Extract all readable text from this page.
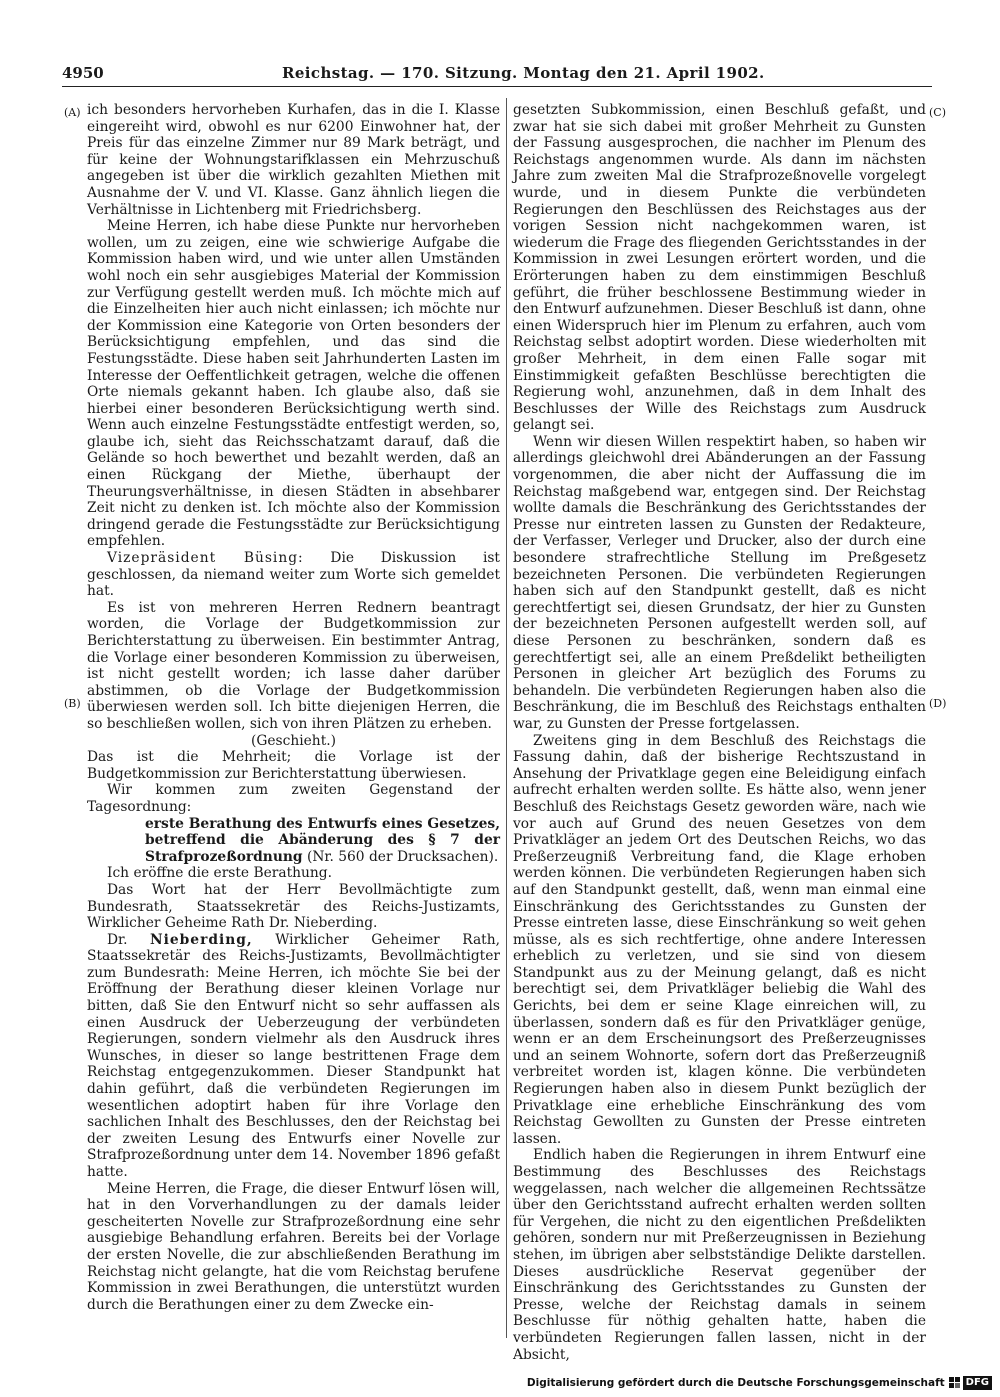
4950	Reichstag. — 170. Sitzung. Montag den 21. April 1902.
(A)
(B)
(C)
(D)

ich besonders hervorheben Kurhafen, das in die I. Klasse eingereiht wird, obwohl es nur 6200 Einwohner hat, der Preis für das einzelne Zimmer nur 89 Mark beträgt, und für keine der Wohnungstarifklassen ein Mehrzuschuß angegeben ist über die wirklich gezahlten Miethen mit Ausnahme der V. und VI. Klasse. Ganz ähnlich liegen die Verhältnisse in Lichtenberg mit Friedrichsberg.

Meine Herren, ich habe diese Punkte nur hervorheben wollen, um zu zeigen, eine wie schwierige Aufgabe die Kommission haben wird, und wie unter allen Umständen wohl noch ein sehr ausgiebiges Material der Kommission zur Verfügung gestellt werden muß. Ich möchte mich auf die Einzelheiten hier auch nicht einlassen; ich möchte nur der Kommission eine Kategorie von Orten besonders der Berücksichtigung empfehlen, und das sind die Festungsstädte. Diese haben seit Jahrhunderten Lasten im Interesse der Oeffentlichkeit getragen, welche die offenen Orte niemals gekannt haben. Ich glaube also, daß sie hierbei einer besonderen Berücksichtigung werth sind. Wenn auch einzelne Festungsstädte entfestigt werden, so, glaube ich, sieht das Reichsschatzamt darauf, daß die Gelände so hoch bewerthet und bezahlt werden, daß an einen Rückgang der Miethe, überhaupt der Theurungsverhältnisse, in diesen Städten in absehbarer Zeit nicht zu denken ist. Ich möchte also der Kommission dringend gerade die Festungsstädte zur Berücksichtigung empfehlen.

Vizepräsident Büsing: Die Diskussion ist geschlossen, da niemand weiter zum Worte sich gemeldet hat.

Es ist von mehreren Herren Rednern beantragt worden, die Vorlage der Budgetkommission zur Berichterstattung zu überweisen. Ein bestimmter Antrag, die Vorlage einer besonderen Kommission zu überweisen, ist nicht gestellt worden; ich lasse daher darüber abstimmen, ob die Vorlage der Budgetkommission überwiesen werden soll. Ich bitte diejenigen Herren, die so beschließen wollen, sich von ihren Plätzen zu erheben.

(Geschieht.)

Das ist die Mehrheit; die Vorlage ist der Budgetkommission zur Berichterstattung überwiesen.

Wir kommen zum zweiten Gegenstand der Tagesordnung:

erste Berathung des Entwurfs eines Gesetzes, betreffend die Abänderung des § 7 der Strafprozeßordnung (Nr. 560 der Drucksachen).

Ich eröffne die erste Berathung.

Das Wort hat der Herr Bevollmächtigte zum Bundesrath, Staatssekretär des Reichs-Justizamts, Wirklicher Geheime Rath Dr. Nieberding.

Dr. Nieberding, Wirklicher Geheimer Rath, Staatssekretär des Reichs-Justizamts, Bevollmächtigter zum Bundesrath: Meine Herren, ich möchte Sie bei der Eröffnung der Berathung dieser kleinen Vorlage nur bitten, daß Sie den Entwurf nicht so sehr auffassen als einen Ausdruck der Ueberzeugung der verbündeten Regierungen, sondern vielmehr als den Ausdruck ihres Wunsches, in dieser so lange bestrittenen Frage dem Reichstag entgegenzukommen. Dieser Standpunkt hat dahin geführt, daß die verbündeten Regierungen im wesentlichen adoptirt haben für ihre Vorlage den sachlichen Inhalt des Beschlusses, den der Reichstag bei der zweiten Lesung des Entwurfs einer Novelle zur Strafprozeßordnung unter dem 14. November 1896 gefaßt hatte.

Meine Herren, die Frage, die dieser Entwurf lösen will, hat in den Vorverhandlungen zu der damals leider gescheiterten Novelle zur Strafprozeßordnung eine sehr ausgiebige Behandlung erfahren. Bereits bei der Vorlage der ersten Novelle, die zur abschließenden Berathung im Reichstag nicht gelangte, hat die vom Reichstag berufene Kommission in zwei Berathungen, die unterstützt wurden durch die Berathungen einer zu dem Zwecke ein-

gesetzten Subkommission, einen Beschluß gefaßt, und zwar hat sie sich dabei mit großer Mehrheit zu Gunsten der Fassung ausgesprochen, die nachher im Plenum des Reichstags angenommen wurde. Als dann im nächsten Jahre zum zweiten Mal die Strafprozeßnovelle vorgelegt wurde, und in diesem Punkte die verbündeten Regierungen den Beschlüssen des Reichstages aus der vorigen Session nicht nachgekommen waren, ist wiederum die Frage des fliegenden Gerichtsstandes in der Kommission in zwei Lesungen erörtert worden, und die Erörterungen haben zu dem einstimmigen Beschluß geführt, die früher beschlossene Bestimmung wieder in den Entwurf aufzunehmen. Dieser Beschluß ist dann, ohne einen Widerspruch hier im Plenum zu erfahren, auch vom Reichstag selbst adoptirt worden. Diese wiederholten mit großer Mehrheit, in dem einen Falle sogar mit Einstimmigkeit gefaßten Beschlüsse berechtigten die Regierung wohl, anzunehmen, daß in dem Inhalt des Beschlusses der Wille des Reichstags zum Ausdruck gelangt sei.

Wenn wir diesen Willen respektirt haben, so haben wir allerdings gleichwohl drei Abänderungen an der Fassung vorgenommen, die aber nicht der Auffassung die im Reichstag maßgebend war, entgegen sind. Der Reichstag wollte damals die Beschränkung des Gerichtsstandes der Presse nur eintreten lassen zu Gunsten der Redakteure, der Verfasser, Verleger und Drucker, also der durch eine besondere strafrechtliche Stellung im Preßgesetz bezeichneten Personen. Die verbündeten Regierungen haben sich auf den Standpunkt gestellt, daß es nicht gerechtfertigt sei, diesen Grundsatz, der hier zu Gunsten der bezeichneten Personen aufgestellt werden soll, auf diese Personen zu beschränken, sondern daß es gerechtfertigt sei, alle an einem Preßdelikt betheiligten Personen in gleicher Art bezüglich des Forums zu behandeln. Die verbündeten Regierungen haben also die Beschränkung, die im Beschluß des Reichstags enthalten war, zu Gunsten der Presse fortgelassen.

Zweitens ging in dem Beschluß des Reichstags die Fassung dahin, daß der bisherige Rechtszustand in Ansehung der Privatklage gegen eine Beleidigung einfach aufrecht erhalten werden sollte. Es hätte also, wenn jener Beschluß des Reichstags Gesetz geworden wäre, nach wie vor auch auf Grund des neuen Gesetzes von dem Privatkläger an jedem Ort des Deutschen Reichs, wo das Preßerzeugniß Verbreitung fand, die Klage erhoben werden können. Die verbündeten Regierungen haben sich auf den Standpunkt gestellt, daß, wenn man einmal eine Einschränkung des Gerichtsstandes zu Gunsten der Presse eintreten lasse, diese Einschränkung so weit gehen müsse, als es sich rechtfertige, ohne andere Interessen erheblich zu verletzen, und sie sind von diesem Standpunkt aus zu der Meinung gelangt, daß es nicht berechtigt sei, dem Privatkläger beliebig die Wahl des Gerichts, bei dem er seine Klage einreichen will, zu überlassen, sondern daß es für den Privatkläger genüge, wenn er an dem Erscheinungsort des Preßerzeugnisses und an seinem Wohnorte, sofern dort das Preßerzeugniß verbreitet worden ist, klagen könne. Die verbündeten Regierungen haben also in diesem Punkt bezüglich der Privatklage eine erhebliche Einschränkung des vom Reichstag Gewollten zu Gunsten der Presse eintreten lassen.

Endlich haben die Regierungen in ihrem Entwurf eine Bestimmung des Beschlusses des Reichstags weggelassen, nach welcher die allgemeinen Rechtssätze über den Gerichtsstand aufrecht erhalten werden sollten für Vergehen, die nicht zu den eigentlichen Preßdelikten gehören, sondern nur mit Preßerzeugnissen in Beziehung stehen, im übrigen aber selbstständige Delikte darstellen. Dieses ausdrückliche Reservat gegenüber der Einschränkung des Gerichtsstandes zu Gunsten der Presse, welche der Reichstag damals in seinem Beschlusse für nöthig gehalten hatte, haben die verbündeten Regierungen fallen lassen, nicht in der Absicht,

Digitalisierung gefördert durch die Deutsche Forschungsgemeinschaft	DFG
